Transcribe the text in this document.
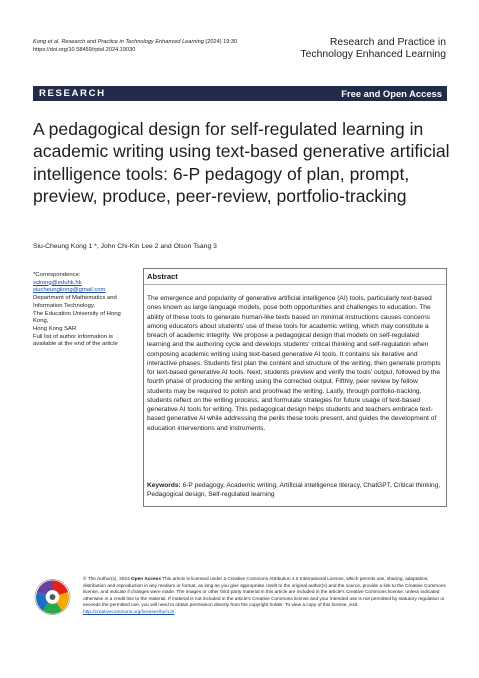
Kong et al. Research and Practice in Technology Enhanced Learning (2024) 19:30
https://doi.org/10.58459/rptel.2024.19030
Research and Practice in
Technology Enhanced Learning
RESEARCH	Free and Open Access
A pedagogical design for self-regulated learning in academic writing using text-based generative artificial intelligence tools: 6-P pedagogy of plan, prompt, preview, produce, peer-review, portfolio-tracking
Siu-Cheung Kong 1 *, John Chi-Kin Lee 2 and Olson Tsang 3
*Correspondence:
sckong@eduhk.hk
siucheungkong@gmail.com
Department of Mathematics and
Information Technology,
The Education University of Hong
Kong,
Hong Kong SAR
Full list of author information is
available at the end of the article
Abstract
The emergence and popularity of generative artificial intelligence (AI) tools, particularly text-based ones known as large language models, pose both opportunities and challenges to education. The ability of these tools to generate human-like texts based on minimal instructions causes concerns among educators about students' use of these tools for academic writing, which may constitute a breach of academic integrity. We propose a pedagogical design that models on self-regulated learning and the authoring cycle and develops students' critical thinking and self-regulation when composing academic writing using text-based generative AI tools. It contains six iterative and interactive phases. Students first plan the content and structure of the writing, then generate prompts for text-based generative AI tools. Next, students preview and verify the tools' output, followed by the fourth phase of producing the writing using the corrected output. Fifthly, peer review by fellow students may be required to polish and proofread the writing. Lastly, through portfolio-tracking, students reflect on the writing process, and formulate strategies for future usage of text-based generative AI tools for writing. This pedagogical design helps students and teachers embrace text-based generative AI while addressing the perils these tools present, and guides the development of education interventions and instruments.
Keywords: 6-P pedagogy, Academic writing, Artificial intelligence literacy, ChatGPT, Critical thinking, Pedagogical design, Self-regulated learning
© The Author(s). 2024 Open Access This article is licensed under a Creative Commons Attribution 4.0 International License, which permits use, sharing, adaptation, distribution and reproduction in any medium or format, as long as you give appropriate credit to the original author(s) and the source, provide a link to the Creative Commons license, and indicate if changes were made. The images or other third party material in this article are included in the article's Creative Commons license, unless indicated otherwise in a credit line to the material. If material is not included in the article's Creative Commons license and your intended use is not permitted by statutory regulation or exceeds the permitted use, you will need to obtain permission directly from the copyright holder. To view a copy of this license, visit http://creativecommons.org/licenses/by/4.0/.
